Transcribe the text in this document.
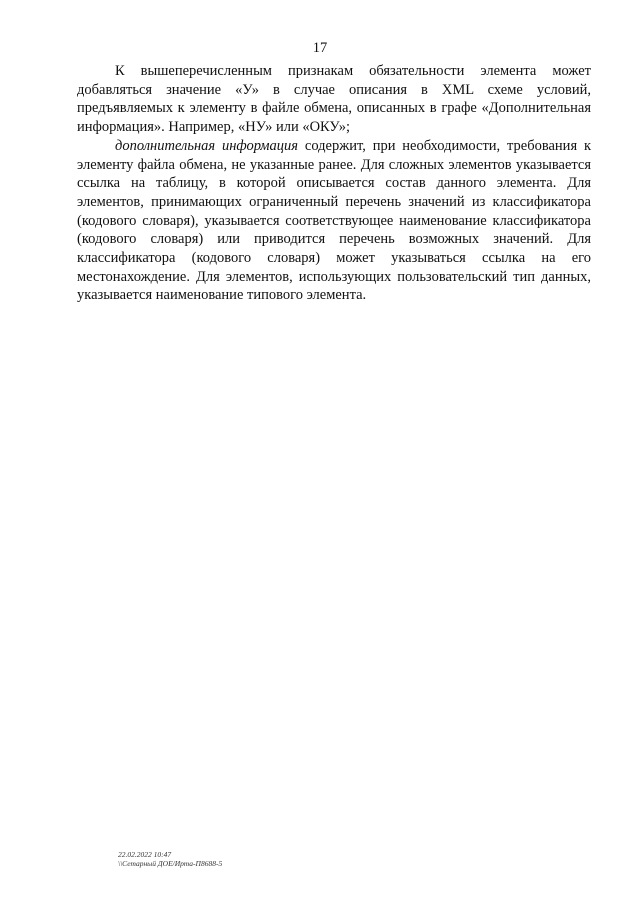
17

К вышеперечисленным признакам обязательности элемента может добавляться значение «У» в случае описания в XML схеме условий, предъявляемых к элементу в файле обмена, описанных в графе «Дополнительная информация». Например, «НУ» или «ОКУ»;

дополнительная информация содержит, при необходимости, требования к элементу файла обмена, не указанные ранее. Для сложных элементов указывается ссылка на таблицу, в которой описывается состав данного элемента. Для элементов, принимающих ограниченный перечень значений из классификатора (кодового словаря), указывается соответствующее наименование классификатора (кодового словаря) или приводится перечень возможных значений. Для классификатора (кодового словаря) может указываться ссылка на его местонахождение. Для элементов, использующих пользовательский тип данных, указывается наименование типового элемента.

22.02.2022 10:47
\\Сетарный ДОЕ/Ирта-П8688-5
